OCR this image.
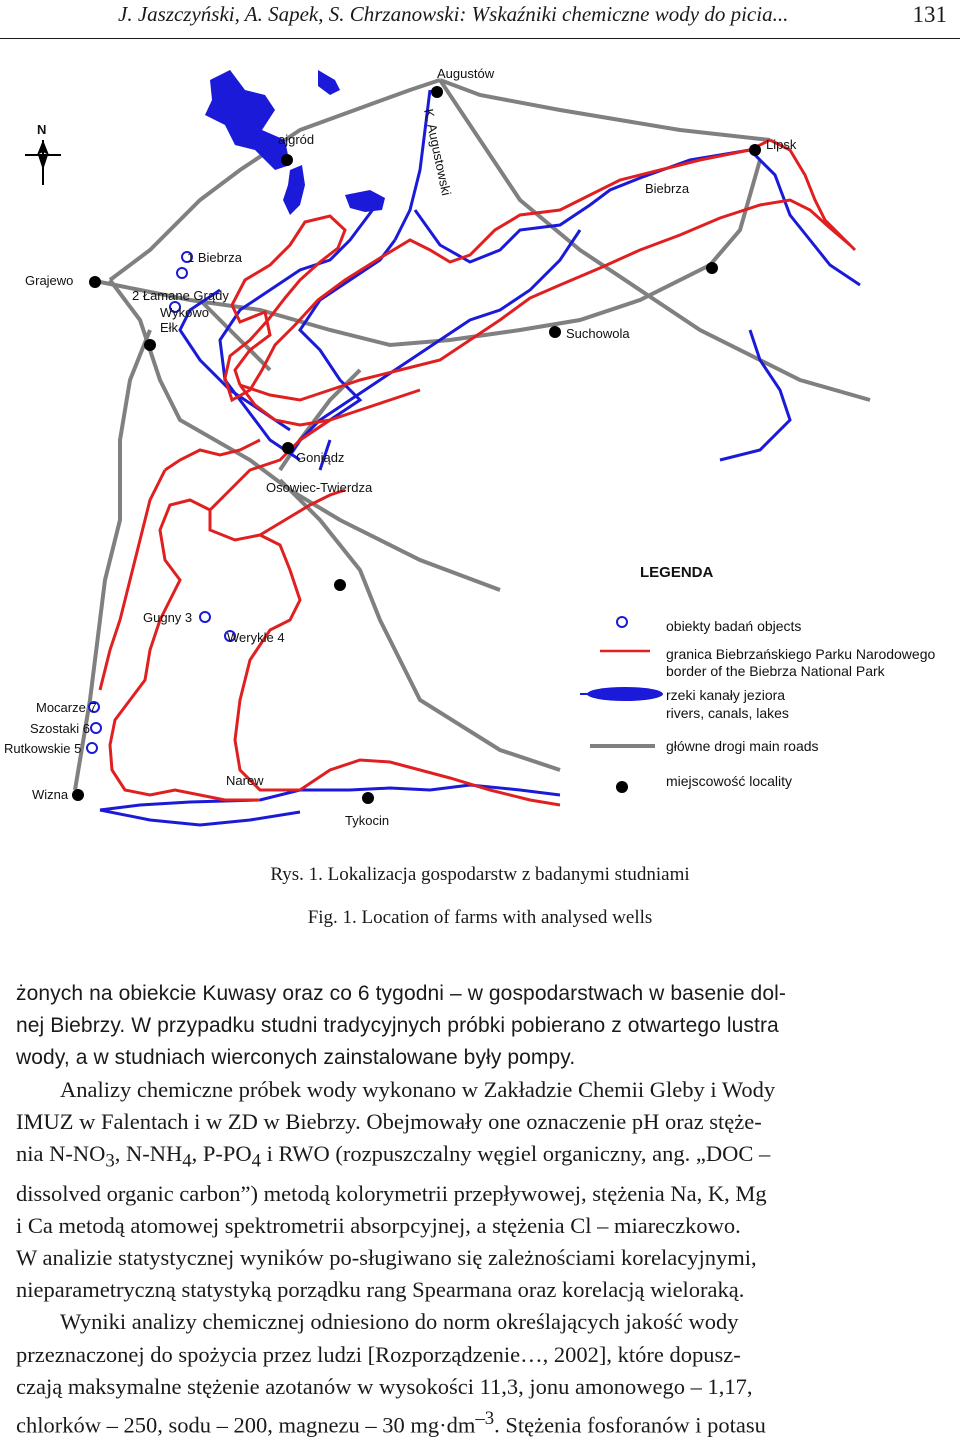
J. Jaszczyński, A. Sapek, S. Chrzanowski: Wskaźniki chemiczne wody do picia...	131
N
Augustów
ajgród	K. Augustowski	Lipsk
Biebrza
Grajewo
1 Biebrza
2 Łamane Grądy
Wykowo
Ełk	Suchowola
Goniądz
Osowiec-Twierdza
Gugny 3
Werykle 4
Mocarze 7
Szostaki 6
Rutkowskie 5
Wizna
Narew
Tykocin
LEGENDA
obiekty badań objects
granica Biebrzańskiego Parku Narodowego
border of the Biebrza National Park
rzeki kanały jeziora
rivers, canals, lakes
główne drogi main roads
miejscowość locality
Rys. 1. Lokalizacja gospodarstw z badanymi studniami
Fig. 1. Location of farms with analysed wells

żonych na obiekcie Kuwasy oraz co 6 tygodni – w gospodarstwach w basenie dol-
nej Biebrzy. W przypadku studni tradycyjnych próbki pobierano z otwartego lustra
wody, a w studniach wierconych zainstalowane były pompy.

Analizy chemiczne próbek wody wykonano w Zakładzie Chemii Gleby i Wody
IMUZ w Falentach i w ZD w Biebrzy. Obejmowały one oznaczenie pH oraz stęże-
nia $N-NO_3$, $N-NH_4$, $P-PO_4$ i RWO (rozpuszczalny węgiel organiczny, ang. „DOC –
dissolved organic carbon”) metodą kolorymetrii przepływowej, stężenia Na, K, Mg
i Ca metodą atomowej spektrometrii absorpcyjnej, a stężenia Cl – miareczkowo.
W analizie statystycznej wyników po-sługiwano się zależnościami korelacyjnymi,
nieparametryczną statystyką porządku rang Spearmana oraz korelacją wieloraką.

Wyniki analizy chemicznej odniesiono do norm określających jakość wody
przeznaczonej do spożycia przez ludzi [Rozporządzenie…, 2002], które dopusz-
czają maksymalne stężenie azotanów w wysokości 11,3, jonu amonowego – 1,17,
chlorków – 250, sodu – 200, magnezu – 30 $mg\cdot dm^{-3}$. Stężenia fosforanów i potasu
